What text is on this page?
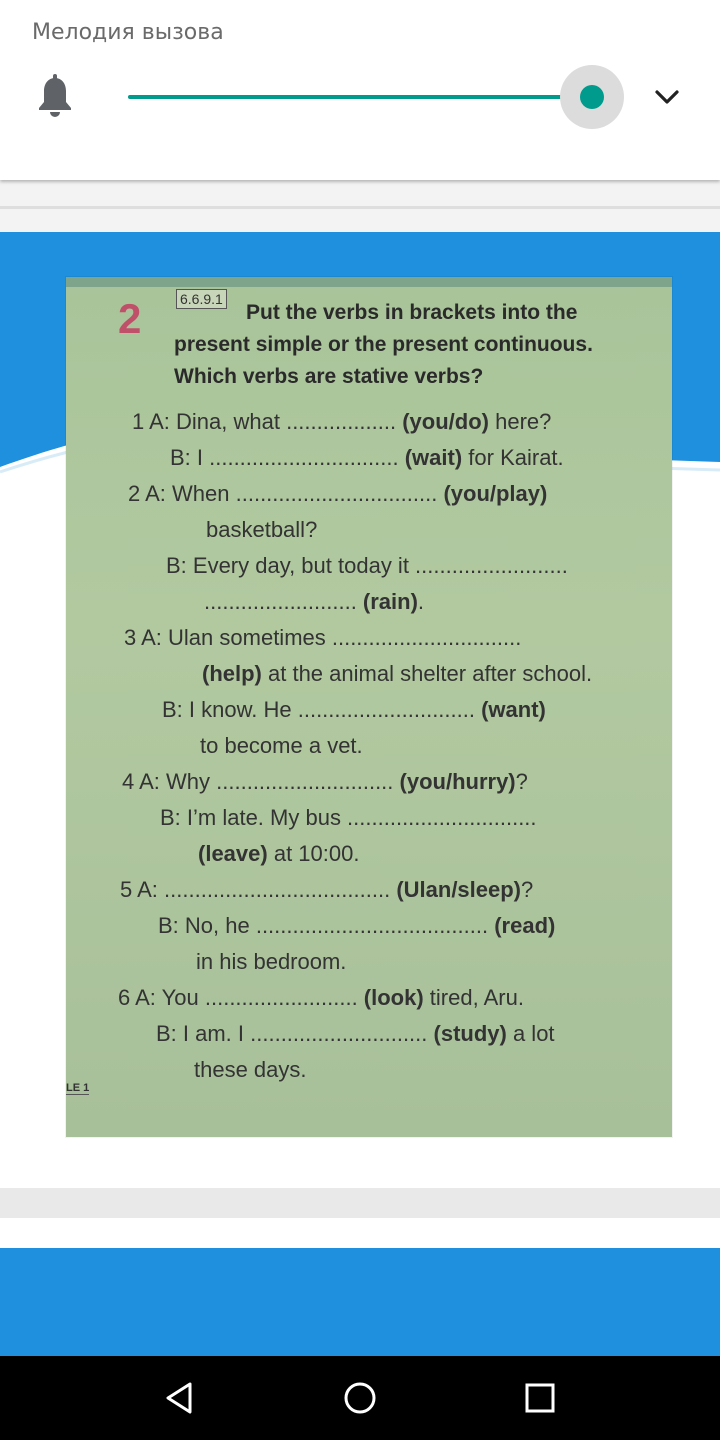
Мелодия вызова
2	6.6.9.1
Put the verbs in brackets into the
present simple or the present continuous.
Which verbs are stative verbs?
1 A: Dina, what .................. (you/do) here?
B: I ............................... (wait) for Kairat.
2 A: When ................................. (you/play)
basketball?
B: Every day, but today it .........................
......................... (rain).
3 A: Ulan sometimes ...............................
(help) at the animal shelter after school.
B: I know. He ............................. (want)
to become a vet.
4 A: Why ............................. (you/hurry)?
B: I’m late. My bus ...............................
(leave) at 10:00.
5 A: ..................................... (Ulan/sleep)?
B: No, he ...................................... (read)
in his bedroom.
6 A: You ......................... (look) tired, Aru.
B: I am. I ............................. (study) a lot
these days.
LE 1
